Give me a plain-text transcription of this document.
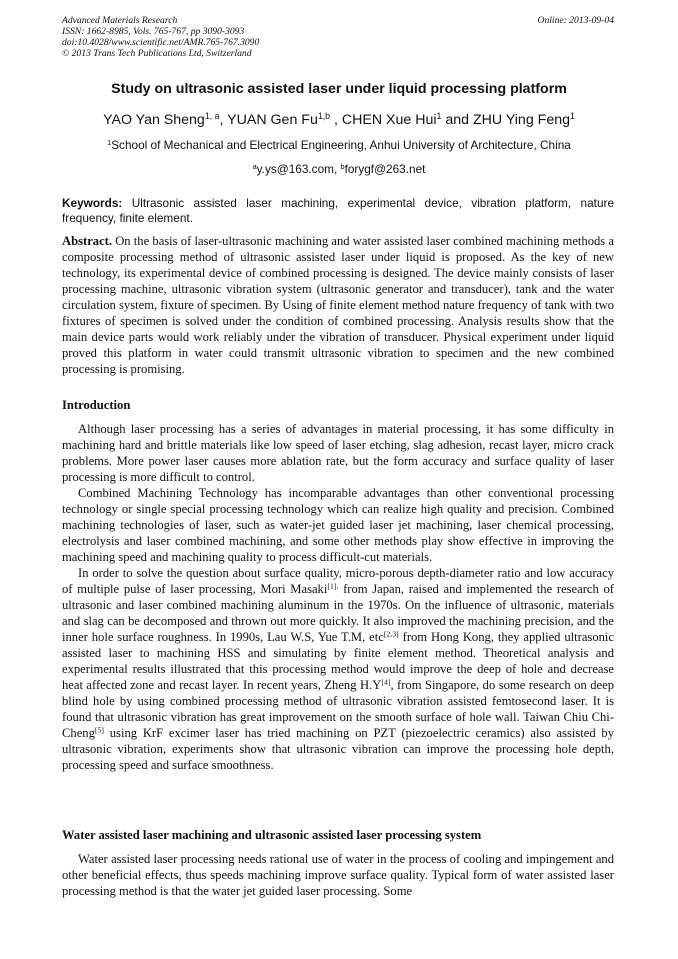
Advanced Materials Research
ISSN: 1662-8985, Vols. 765-767, pp 3090-3093
doi:10.4028/www.scientific.net/AMR.765-767.3090
© 2013 Trans Tech Publications Ltd, Switzerland
Online: 2013-09-04
Study on ultrasonic assisted laser under liquid processing platform
YAO Yan Sheng$^{1, a}$, YUAN Gen Fu$^{1,b}$ , CHEN Xue Hui$^1$ and ZHU Ying Feng$^1$
$^1$School of Mechanical and Electrical Engineering, Anhui University of Architecture, China
$^a$y.ys@163.com, $^b$forygf@263.net
Keywords: Ultrasonic assisted laser machining, experimental device, vibration platform, nature frequency, finite element.

Abstract. On the basis of laser-ultrasonic machining and water assisted laser combined machining methods a composite processing method of ultrasonic assisted laser under liquid is proposed. As the key of new technology, its experimental device of combined processing is designed. The device mainly consists of laser processing machine, ultrasonic vibration system (ultrasonic generator and transducer), tank and the water circulation system, fixture of specimen. By Using of finite element method nature frequency of tank with two fixtures of specimen is solved under the condition of combined processing. Analysis results show that the main device parts would work reliably under the vibration of transducer. Physical experiment under liquid proved this platform in water could transmit ultrasonic vibration to specimen and the new combined processing is promising.

Introduction

Although laser processing has a series of advantages in material processing, it has some difficulty in machining hard and brittle materials like low speed of laser etching, slag adhesion, recast layer, micro crack problems. More power laser causes more ablation rate, but the form accuracy and surface quality of laser processing is more difficult to control.

Combined Machining Technology has incomparable advantages than other conventional processing technology or single special processing technology which can realize high quality and precision. Combined machining technologies of laser, such as water-jet guided laser jet machining, laser chemical processing, electrolysis and laser combined machining, and some other methods play show effective in improving the machining speed and machining quality to process difficult-cut materials.

In order to solve the question about surface quality, micro-porous depth-diameter ratio and low accuracy of multiple pulse of laser processing, Mori Masaki$^{[1],}$ from Japan, raised and implemented the research of ultrasonic and laser combined machining aluminum in the 1970s. On the influence of ultrasonic, materials and slag can be decomposed and thrown out more quickly. It also improved the machining precision, and the inner hole surface roughness. In 1990s, Lau W.S, Yue T.M, etc[2,3] from Hong Kong, they applied ultrasonic assisted laser to machining HSS and simulating by finite element method. Theoretical analysis and experimental results illustrated that this processing method would improve the deep of hole and decrease heat affected zone and recast layer. In recent years, Zheng H.Y[4], from Singapore, do some research on deep blind hole by using combined processing method of ultrasonic vibration assisted femtosecond laser. It is found that ultrasonic vibration has great improvement on the smooth surface of hole wall. Taiwan Chiu Chi-Cheng[5] using KrF excimer laser has tried machining on PZT (piezoelectric ceramics) also assisted by ultrasonic vibration, experiments show that ultrasonic vibration can improve the processing hole depth, processing speed and surface smoothness.

Water assisted laser machining and ultrasonic assisted laser processing system

Water assisted laser processing needs rational use of water in the process of cooling and impingement and other beneficial effects, thus speeds machining improve surface quality. Typical form of water assisted laser processing method is that the water jet guided laser processing. Some
